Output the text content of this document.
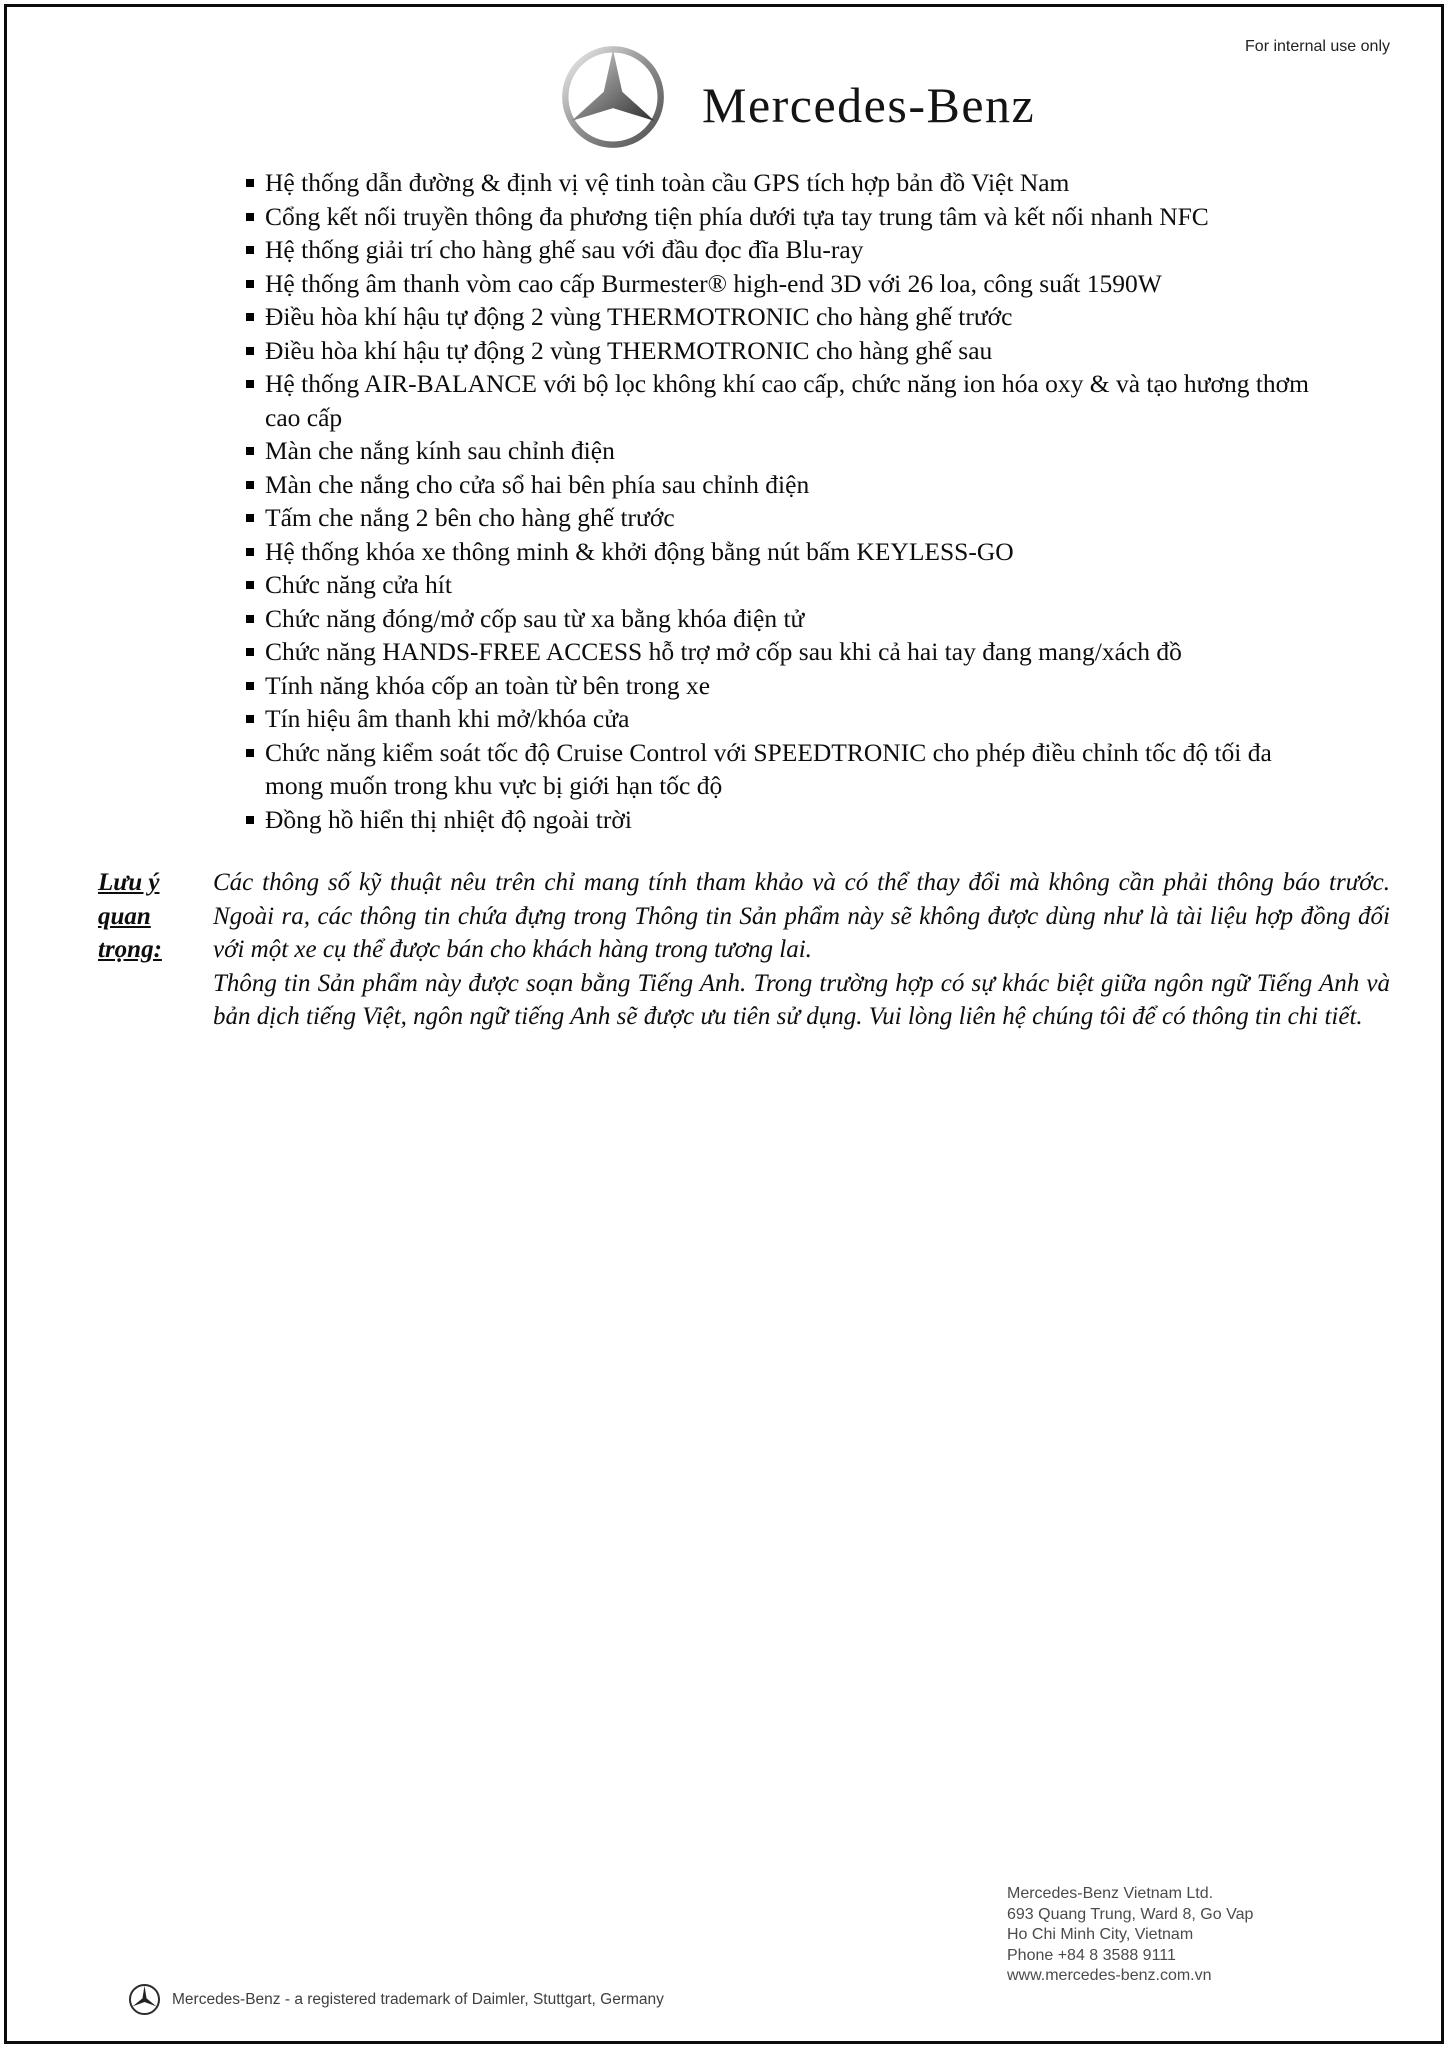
For internal use only
Mercedes-Benz
Hệ thống dẫn đường & định vị vệ tinh toàn cầu GPS tích hợp bản đồ Việt Nam
Cổng kết nối truyền thông đa phương tiện phía dưới tựa tay trung tâm và kết nối nhanh NFC
Hệ thống giải trí cho hàng ghế sau với đầu đọc đĩa Blu-ray
Hệ thống âm thanh vòm cao cấp Burmester® high-end 3D với 26 loa, công suất 1590W
Điều hòa khí hậu tự động 2 vùng THERMOTRONIC cho hàng ghế trước
Điều hòa khí hậu tự động 2 vùng THERMOTRONIC cho hàng ghế sau
Hệ thống AIR-BALANCE với bộ lọc không khí cao cấp, chức năng ion hóa oxy & và tạo hương thơm cao cấp
Màn che nắng kính sau chỉnh điện
Màn che nắng cho cửa sổ hai bên phía sau chỉnh điện
Tấm che nắng 2 bên cho hàng ghế trước
Hệ thống khóa xe thông minh & khởi động bằng nút bấm KEYLESS-GO
Chức năng cửa hít
Chức năng đóng/mở cốp sau từ xa bằng khóa điện tử
Chức năng HANDS-FREE ACCESS hỗ trợ mở cốp sau khi cả hai tay đang mang/xách đồ
Tính năng khóa cốp an toàn từ bên trong xe
Tín hiệu âm thanh khi mở/khóa cửa
Chức năng kiểm soát tốc độ Cruise Control với SPEEDTRONIC cho phép điều chỉnh tốc độ tối đa mong muốn trong khu vực bị giới hạn tốc độ
Đồng hồ hiển thị nhiệt độ ngoài trời
Lưu ý quan trọng:

Các thông số kỹ thuật nêu trên chỉ mang tính tham khảo và có thể thay đổi mà không cần phải thông báo trước. Ngoài ra, các thông tin chứa đựng trong Thông tin Sản phẩm này sẽ không được dùng như là tài liệu hợp đồng đối với một xe cụ thể được bán cho khách hàng trong tương lai.

Thông tin Sản phẩm này được soạn bằng Tiếng Anh. Trong trường hợp có sự khác biệt giữa ngôn ngữ Tiếng Anh và bản dịch tiếng Việt, ngôn ngữ tiếng Anh sẽ được ưu tiên sử dụng. Vui lòng liên hệ chúng tôi để có thông tin chi tiết.

Mercedes-Benz Vietnam Ltd.
693 Quang Trung, Ward 8, Go Vap
Ho Chi Minh City, Vietnam
Phone +84 8 3588 9111
www.mercedes-benz.com.vn
Mercedes-Benz - a registered trademark of Daimler, Stuttgart, Germany
